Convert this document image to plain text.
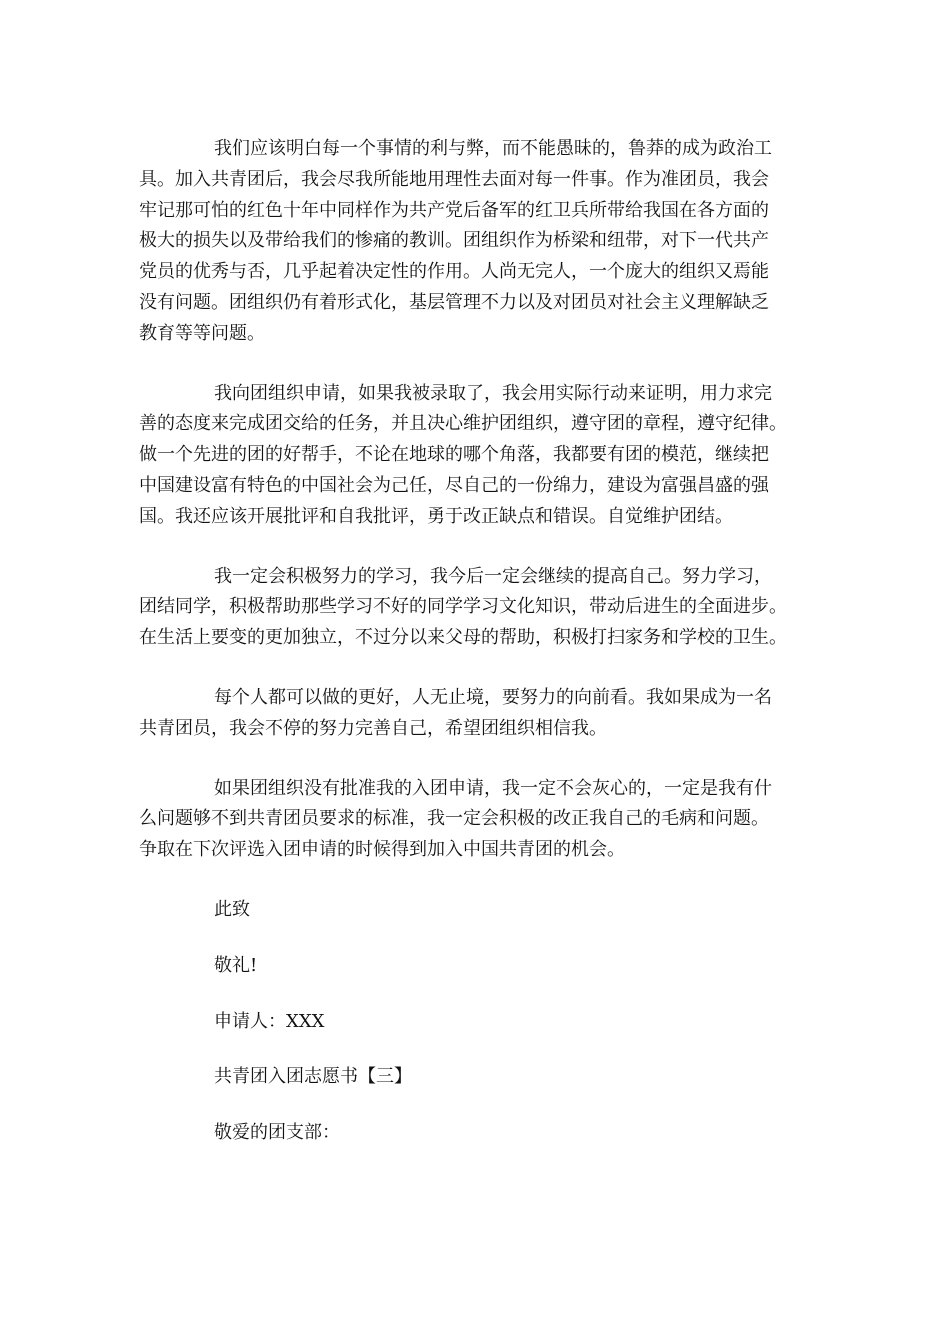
我们应该明白每一个事情的利与弊，而不能愚昧的，鲁莽的成为政治工
具。加入共青团后，我会尽我所能地用理性去面对每一件事。作为准团员，我会
牢记那可怕的红色十年中同样作为共产党后备军的红卫兵所带给我国在各方面的
极大的损失以及带给我们的惨痛的教训。团组织作为桥梁和纽带，对下一代共产
党员的优秀与否，几乎起着决定性的作用。人尚无完人，一个庞大的组织又焉能
没有问题。团组织仍有着形式化，基层管理不力以及对团员对社会主义理解缺乏
教育等等问题。
我向团组织申请，如果我被录取了，我会用实际行动来证明，用力求完
善的态度来完成团交给的任务，并且决心维护团组织，遵守团的章程，遵守纪律。
做一个先进的团的好帮手，不论在地球的哪个角落，我都要有团的模范，继续把
中国建设富有特色的中国社会为己任，尽自己的一份绵力，建设为富强昌盛的强
国。我还应该开展批评和自我批评，勇于改正缺点和错误。自觉维护团结。
我一定会积极努力的学习，我今后一定会继续的提高自己。努力学习，
团结同学，积极帮助那些学习不好的同学学习文化知识，带动后进生的全面进步。
在生活上要变的更加独立，不过分以来父母的帮助，积极打扫家务和学校的卫生。
每个人都可以做的更好，人无止境，要努力的向前看。我如果成为一名
共青团员，我会不停的努力完善自己，希望团组织相信我。
如果团组织没有批准我的入团申请，我一定不会灰心的，一定是我有什
么问题够不到共青团员要求的标准，我一定会积极的改正我自己的毛病和问题。
争取在下次评选入团申请的时候得到加入中国共青团的机会。
此致
敬礼!
申请人：XXX
共青团入团志愿书【三】
敬爱的团支部：
